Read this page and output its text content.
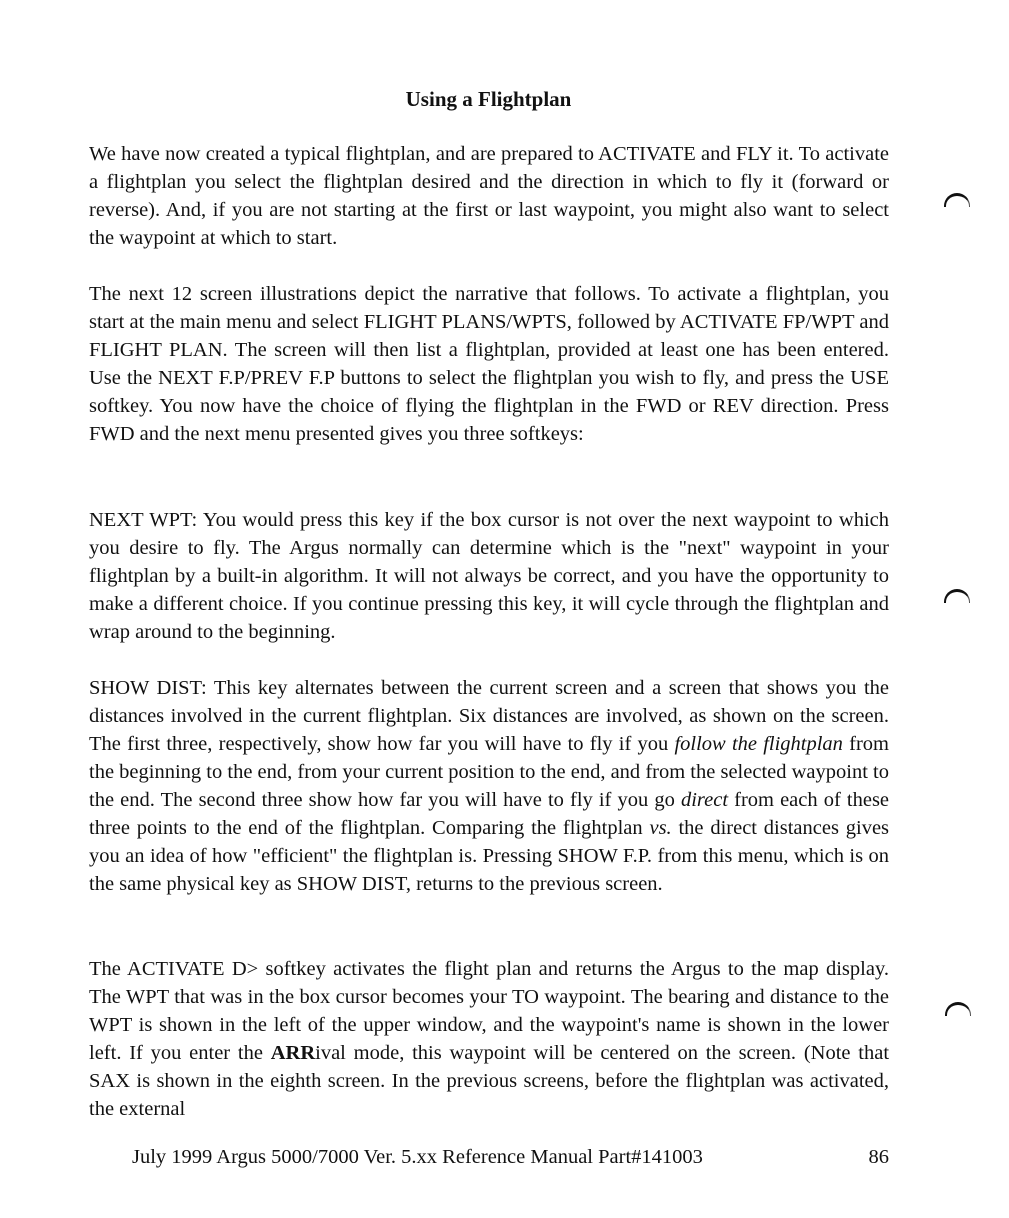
Using a Flightplan

We have now created a typical flightplan, and are prepared to ACTIVATE and FLY it. To activate a flightplan you select the flightplan desired and the direction in which to fly it (forward or reverse). And, if you are not starting at the first or last waypoint, you might also want to select the waypoint at which to start.

The next 12 screen illustrations depict the narrative that follows. To activate a flightplan, you start at the main menu and select FLIGHT PLANS/WPTS, followed by ACTIVATE FP/WPT and FLIGHT PLAN. The screen will then list a flightplan, provided at least one has been entered. Use the NEXT F.P/PREV F.P buttons to select the flightplan you wish to fly, and press the USE softkey. You now have the choice of flying the flightplan in the FWD or REV direction. Press FWD and the next menu presented gives you three softkeys:

NEXT WPT: You would press this key if the box cursor is not over the next waypoint to which you desire to fly. The Argus normally can determine which is the "next" waypoint in your flightplan by a built-in algorithm. It will not always be correct, and you have the opportunity to make a different choice. If you continue pressing this key, it will cycle through the flightplan and wrap around to the beginning.

SHOW DIST: This key alternates between the current screen and a screen that shows you the distances involved in the current flightplan. Six distances are involved, as shown on the screen. The first three, respectively, show how far you will have to fly if you follow the flightplan from the beginning to the end, from your current position to the end, and from the selected waypoint to the end. The second three show how far you will have to fly if you go direct from each of these three points to the end of the flightplan. Comparing the flightplan vs. the direct distances gives you an idea of how "efficient" the flightplan is. Pressing SHOW F.P. from this menu, which is on the same physical key as SHOW DIST, returns to the previous screen.

The ACTIVATE D> softkey activates the flight plan and returns the Argus to the map display. The WPT that was in the box cursor becomes your TO waypoint. The bearing and distance to the WPT is shown in the left of the upper window, and the waypoint's name is shown in the lower left. If you enter the ARRival mode, this waypoint will be centered on the screen. (Note that SAX is shown in the eighth screen. In the previous screens, before the flightplan was activated, the external

July 1999 Argus 5000/7000 Ver. 5.xx Reference Manual Part#141003	86
